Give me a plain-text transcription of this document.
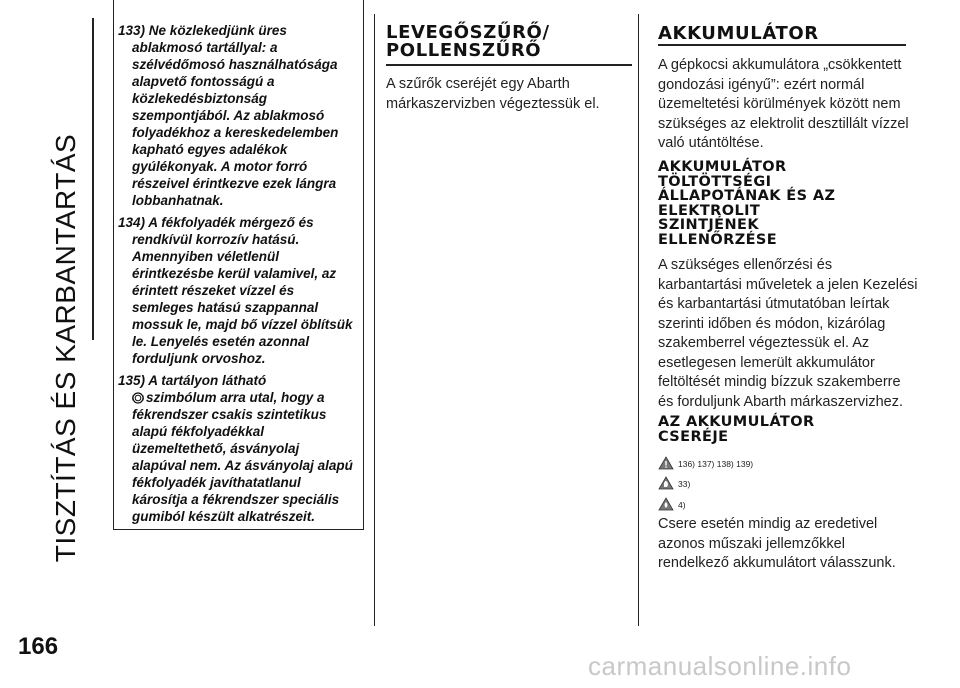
TISZTÍTÁS ÉS KARBANTARTÁS
166
133) Ne közlekedjünk üres
ablakmosó tartállyal: a
szélvédőmosó használhatósága
alapvető fontosságú a
közlekedésbiztonság
szempontjából. Az ablakmosó
folyadékhoz a kereskedelemben
kapható egyes adalékok
gyúlékonyak. A motor forró
részeivel érintkezve ezek lángra
lobbanhatnak.
134) A fékfolyadék mérgező és
rendkívül korrozív hatású.
Amennyiben véletlenül
érintkezésbe kerül valamivel, az
érintett részeket vízzel és
semleges hatású szappannal
mossuk le, majd bő vízzel öblítsük
le. Lenyelés esetén azonnal
forduljunk orvoshoz.
135) A tartályon látható
szimbólum arra utal, hogy a
fékrendszer csakis szintetikus
alapú fékfolyadékkal
üzemeltethető, ásványolaj
alapúval nem. Az ásványolaj alapú
fékfolyadék javíthatatlanul
károsítja a fékrendszer speciális
gumiból készült alkatrészeit.
LEVEGŐSZŰRŐ/
POLLENSZŰRŐ
A szűrők cseréjét egy Abarth
márkaszervizben végeztessük el.
AKKUMULÁTOR
A gépkocsi akkumulátora „csökkentett
gondozási igényű”: ezért normál
üzemeltetési körülmények között nem
szükséges az elektrolit desztillált vízzel
való utántöltése.
AKKUMULÁTOR
TÖLTÖTTSÉGI
ÁLLAPOTÁNAK ÉS AZ
ELEKTROLIT
SZINTJÉNEK
ELLENŐRZÉSE
A szükséges ellenőrzési és
karbantartási műveletek a jelen Kezelési
és karbantartási útmutatóban leírtak
szerinti időben és módon, kizárólag
szakemberrel végeztessük el. Az
esetlegesen lemerült akkumulátor
feltöltését mindig bízzuk szakemberre
és forduljunk Abarth márkaszervizhez.
AZ AKKUMULÁTOR
CSERÉJE
136) 137) 138) 139)
33)
4)
Csere esetén mindig az eredetivel
azonos műszaki jellemzőkkel
rendelkező akkumulátort válasszunk.
carmanualsonline.info
